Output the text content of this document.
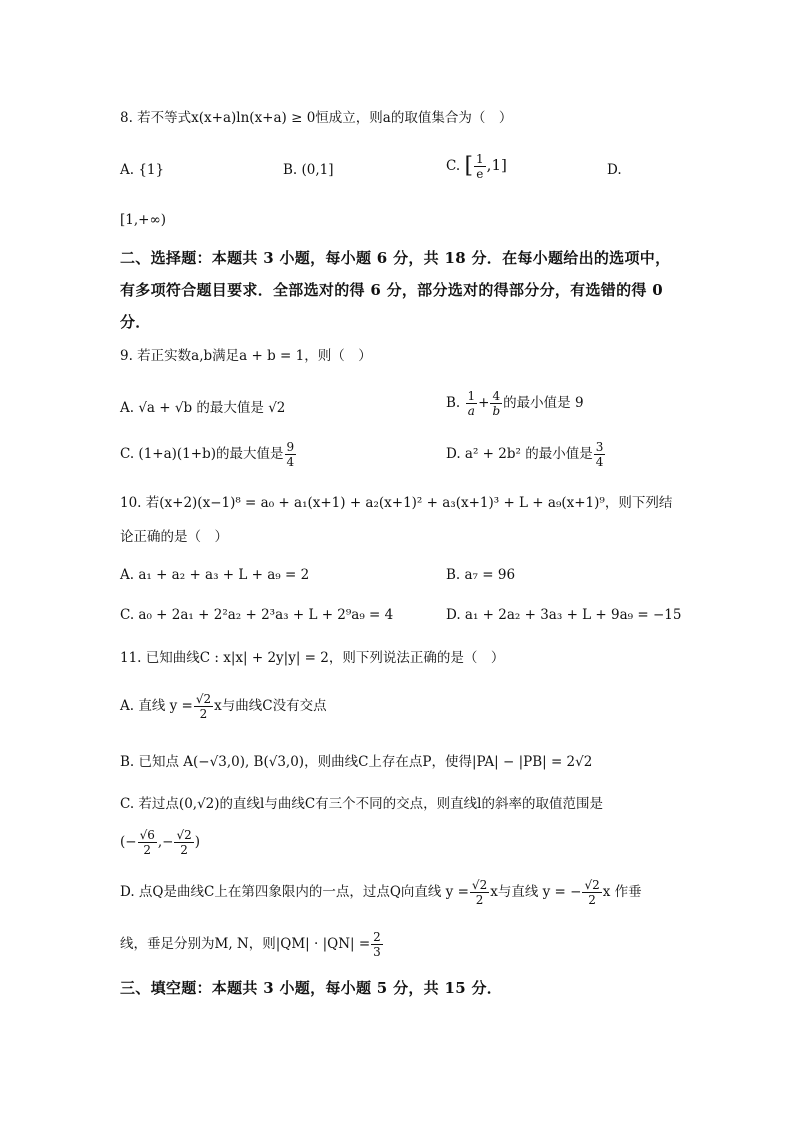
8. 若不等式x(x+a)ln(x+a) ≥ 0恒成立，则a的取值集合为（　）
A. {1}	B. (0,1]	C. [ $\frac{1}{e} ,1$]	D.
[1,+∞)
二、选择题：本题共 3 小题，每小题 6 分，共 18 分．在每小题给出的选项中，
有多项符合题目要求．全部选对的得 6 分，部分选对的得部分分，有选错的得 0
分．
9. 若正实数a,b满足a + b = 1，则（　）
A. √a + √b 的最大值是 √2	B. $\frac{1}{a} + \frac{4}{b}$ 的最小值是 9
C. (1+a)(1+b)的最大值是 $\frac{9}{4}$	D. a² + 2b² 的最小值是 $\frac{3}{4}$
10. 若(x+2)(x−1)⁸ = a₀ + a₁(x+1) + a₂(x+1)² + a₃(x+1)³ + L + a₉(x+1)⁹，则下列结
论正确的是（　）
A. a₁ + a₂ + a₃ + L + a₉ = 2	B. a₇ = 96
C. a₀ + 2a₁ + 2²a₂ + 2³a₃ + L + 2⁹a₉ = 4	D. a₁ + 2a₂ + 3a₃ + L + 9a₉ = −15
11. 已知曲线C : x|x| + 2y|y| = 2，则下列说法正确的是（　）
A. 直线 $y = \frac{√2}{2}$ x与曲线C没有交点
B. 已知点 A(−√3,0), B(√3,0)，则曲线C上存在点P，使得|PA| − |PB| = 2√2
C. 若过点(0,√2)的直线l与曲线C有三个不同的交点，则直线l的斜率的取值范围是
(− $\frac{√6}{2}$ ,− $\frac{√2}{2}$ )
D. 点Q是曲线C上在第四象限内的一点，过点Q向直线 $y = \frac{√2}{2}$ x与直线 y = − $\frac{√2}{2}$ x 作垂
线，垂足分别为M, N，则$|QM| \cdot |QN| = \frac{2}{3}$
三、填空题：本题共 3 小题，每小题 5 分，共 15 分．
